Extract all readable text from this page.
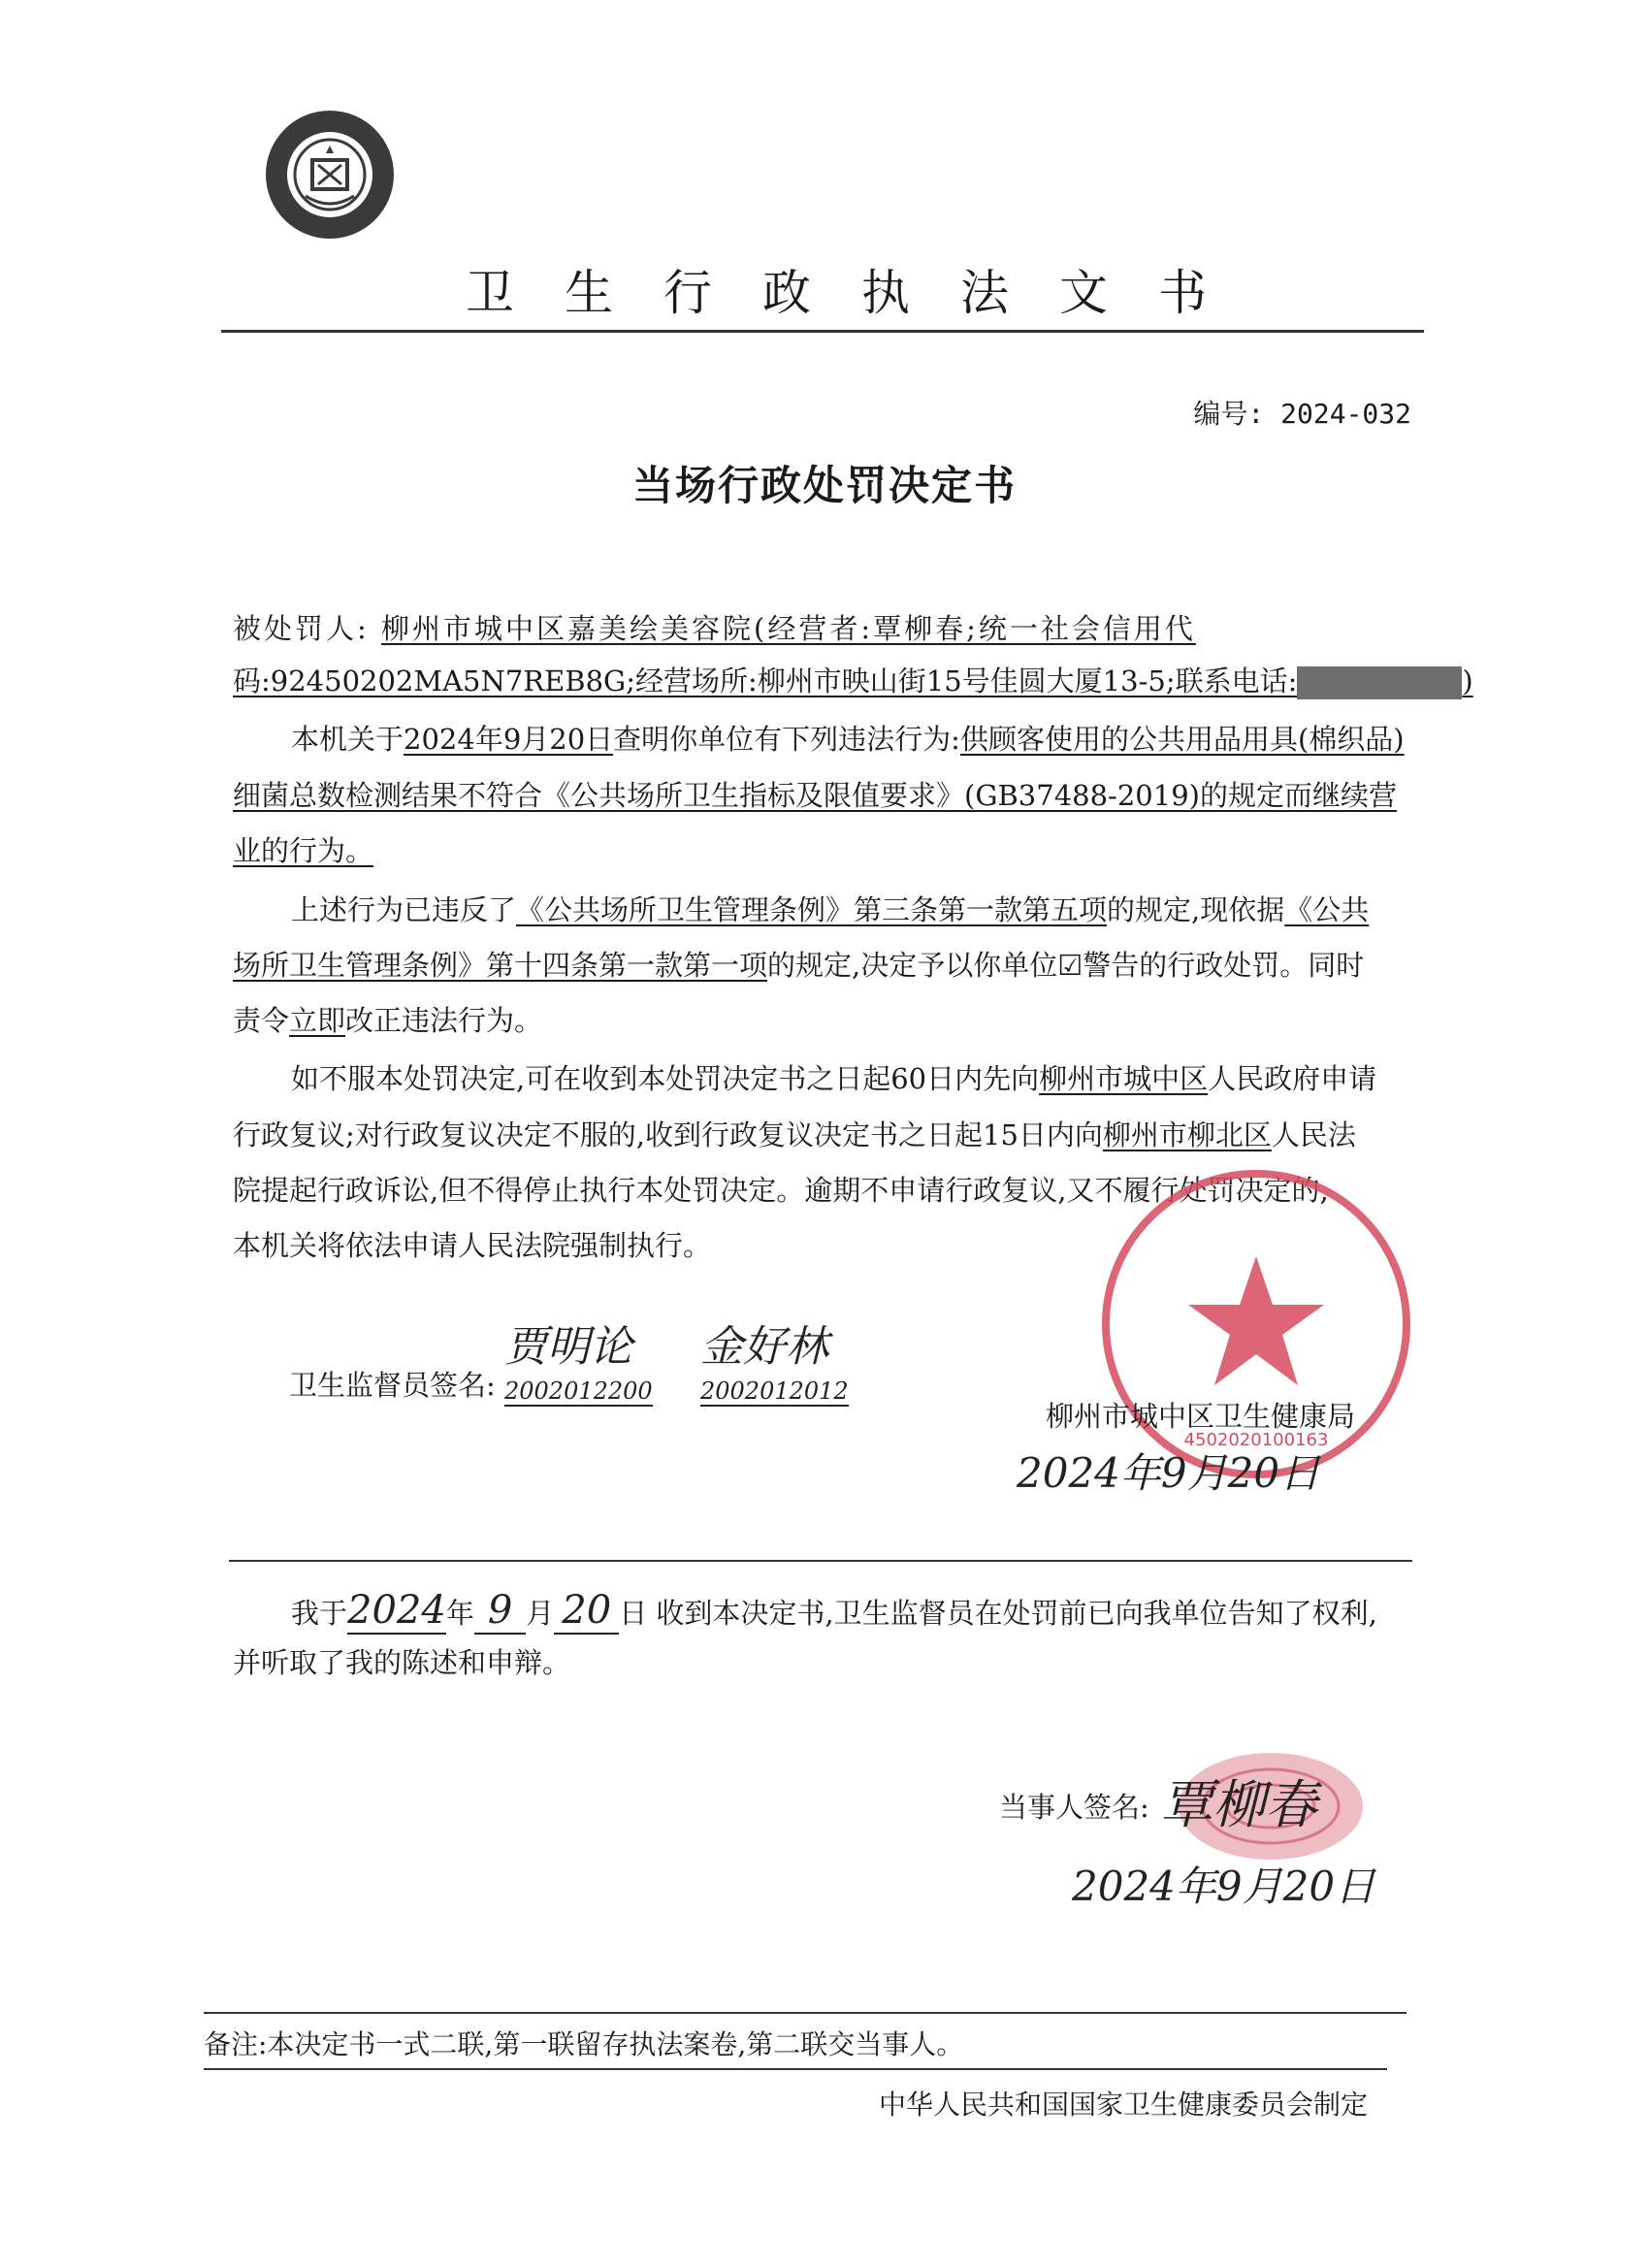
卫生行政执法文书
编号: 2024-032
当场行政处罚决定书
被处罚人: 柳州市城中区嘉美绘美容院(经营者:覃柳春;统一社会信用代
码:92450202MA5N7REB8G;经营场所:柳州市映山街15号佳圆大厦13-5;联系电话:	)
本机关于2024年9月20日查明你单位有下列违法行为:供顾客使用的公共用品用具(棉织品)
细菌总数检测结果不符合《公共场所卫生指标及限值要求》(GB37488-2019)的规定而继续营
业的行为。
上述行为已违反了《公共场所卫生管理条例》第三条第一款第五项的规定,现依据《公共
场所卫生管理条例》第十四条第一款第一项的规定,决定予以你单位☑警告的行政处罚。同时
责令立即改正违法行为。
如不服本处罚决定,可在收到本处罚决定书之日起60日内先向柳州市城中区人民政府申请
行政复议;对行政复议决定不服的,收到行政复议决定书之日起15日内向柳州市柳北区人民法
院提起行政诉讼,但不得停止执行本处罚决定。逾期不申请行政复议,又不履行处罚决定的,
本机关将依法申请人民法院强制执行。
4502020100163
卫生监督员签名:
贾明论
2002012200
金好林
2002012012
柳州市城中区卫生健康局
2024年9月20日
我于2024年 9 月 20 日 收到本决定书,卫生监督员在处罚前已向我单位告知了权利,
并听取了我的陈述和申辩。
当事人签名: 覃柳春
2024年9月20日
备注:本决定书一式二联,第一联留存执法案卷,第二联交当事人。
中华人民共和国国家卫生健康委员会制定
